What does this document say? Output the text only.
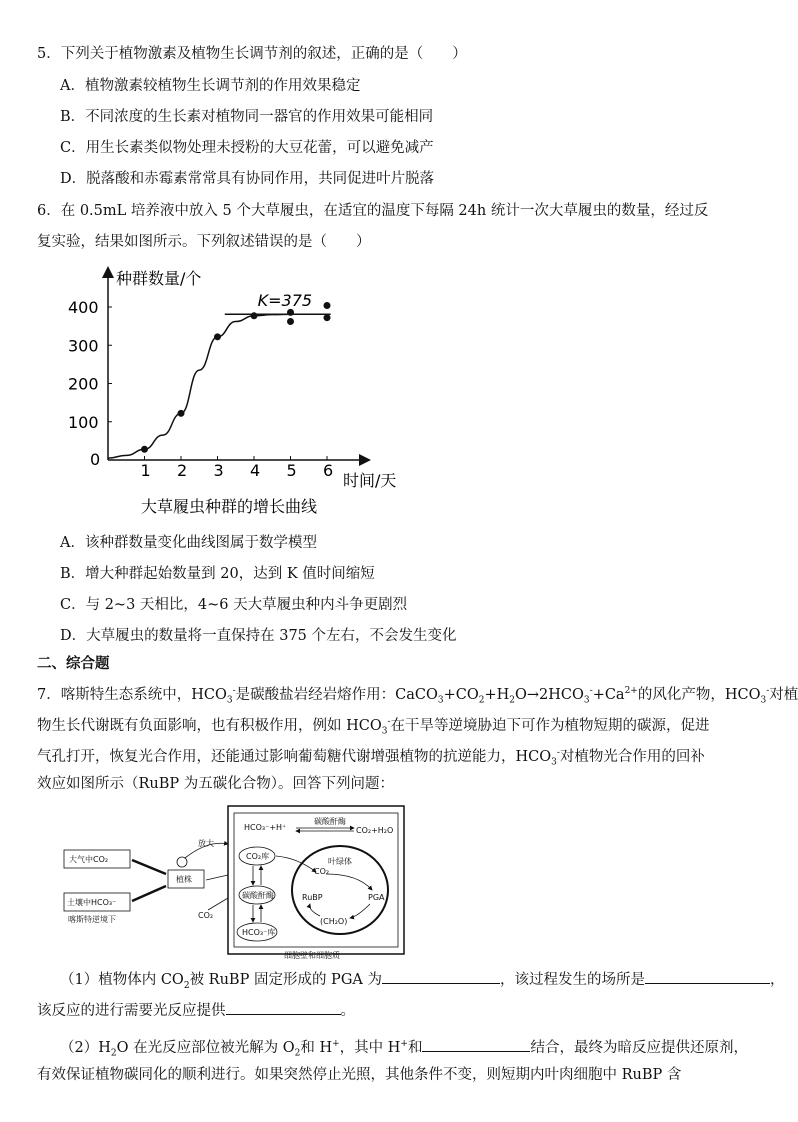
5．下列关于植物激素及植物生长调节剂的叙述，正确的是（　　）
A．植物激素较植物生长调节剂的作用效果稳定
B．不同浓度的生长素对植物同一器官的作用效果可能相同
C．用生长素类似物处理未授粉的大豆花蕾，可以避免减产
D．脱落酸和赤霉素常常具有协同作用，共同促进叶片脱落
6．在 0.5mL 培养液中放入 5 个大草履虫，在适宜的温度下每隔 24h 统计一次大草履虫的数量，经过反
复实验，结果如图所示。下列叙述错误的是（　　）
0
1 2 3 4 5 6
100
200
300
400	K=375
种群数量/个
时间/天
大草履虫种群的增长曲线
A．该种群数量变化曲线图属于数学模型
B．增大种群起始数量到 20，达到 K 值时间缩短
C．与 2~3 天相比，4~6 天大草履虫种内斗争更剧烈
D．大草履虫的数量将一直保持在 375 个左右，不会发生变化
二、综合题
7．喀斯特生态系统中，$HCO_3^-$是碳酸盐岩经岩熔作用：$CaCO_3+CO_2+H_2O\to 2HCO_3^-+Ca^{2+}$的风化产物，$HCO_3^-$对植
物生长代谢既有负面影响，也有积极作用，例如 $HCO_3^-$在干旱等逆境胁迫下可作为植物短期的碳源，促进
气孔打开，恢复光合作用，还能通过影响葡萄糖代谢增强植物的抗逆能力，$HCO_3^-$对植物光合作用的回补
效应如图所示（RuBP 为五碳化合物）。回答下列问题：
大气中CO₂
土壤中HCO₃⁻
喀斯特逆境下
植株
放大
CO₂
HCO₃⁻+H⁺
碳酸酐酶
CO₂+H₂O
CO₂库
碳酸酐酶
HCO₃⁻库
叶绿体
CO₂
RuBP	PGA
(CH₂O)
细胞壁和细胞质
（1）植物体内 $CO_2$被 RuBP 固定形成的 PGA 为	，该过程发生的场所是	，
该反应的进行需要光反应提供	。
$(2)H_2O$ 在光反应部位被光解为 $O_2$和 H+，其中 H+和	结合，最终为暗反应提供还原剂，
有效保证植物碳同化的顺利进行。如果突然停止光照，其他条件不变，则短期内叶肉细胞中 RuBP 含
